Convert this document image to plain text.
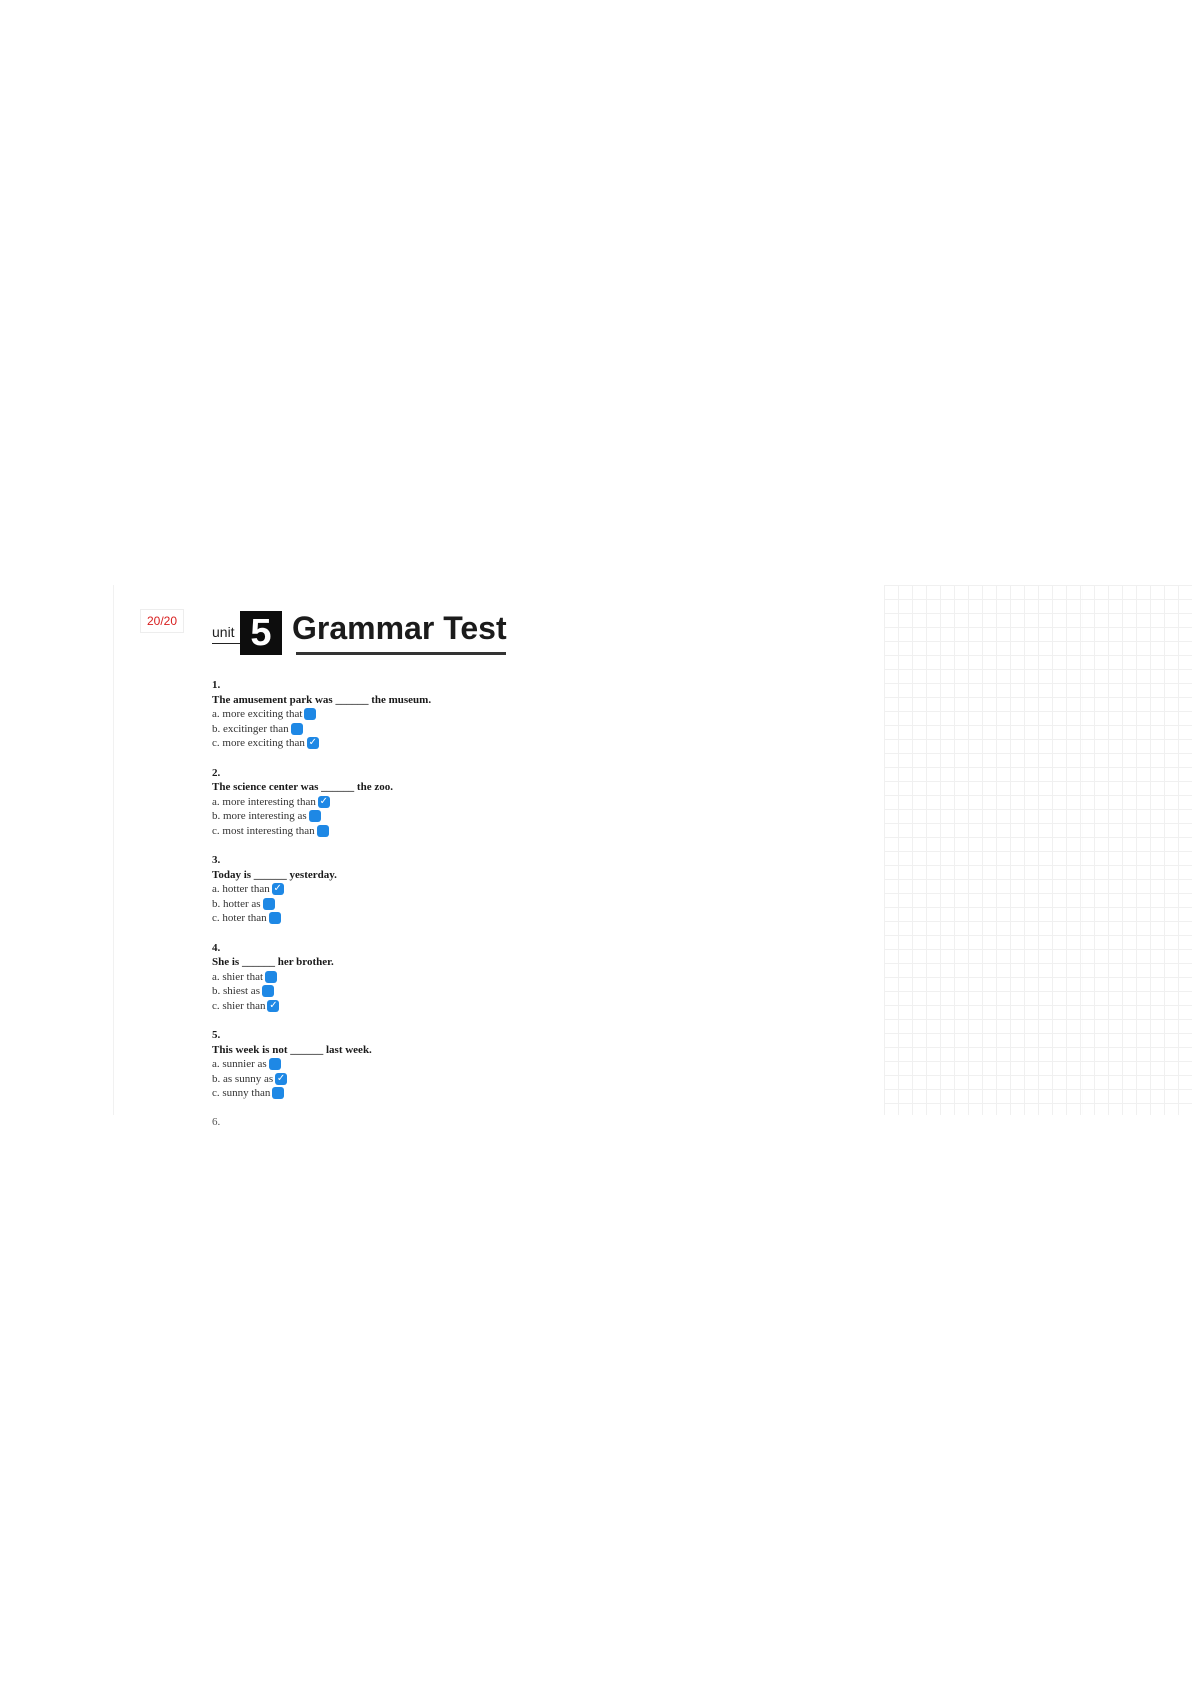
20/20
unit 5 Grammar Test
1.
The amusement park was ______ the museum.
a. more exciting that
b. excitinger than
c. more exciting than ✓
2.
The science center was ______ the zoo.
a. more interesting than ✓
b. more interesting as
c. most interesting than
3.
Today is ______ yesterday.
a. hotter than ✓
b. hotter as
c. hoter than
4.
She is ______ her brother.
a. shier that
b. shiest as
c. shier than ✓
5.
This week is not ______ last week.
a. sunnier as
b. as sunny as ✓
c. sunny than
6.
